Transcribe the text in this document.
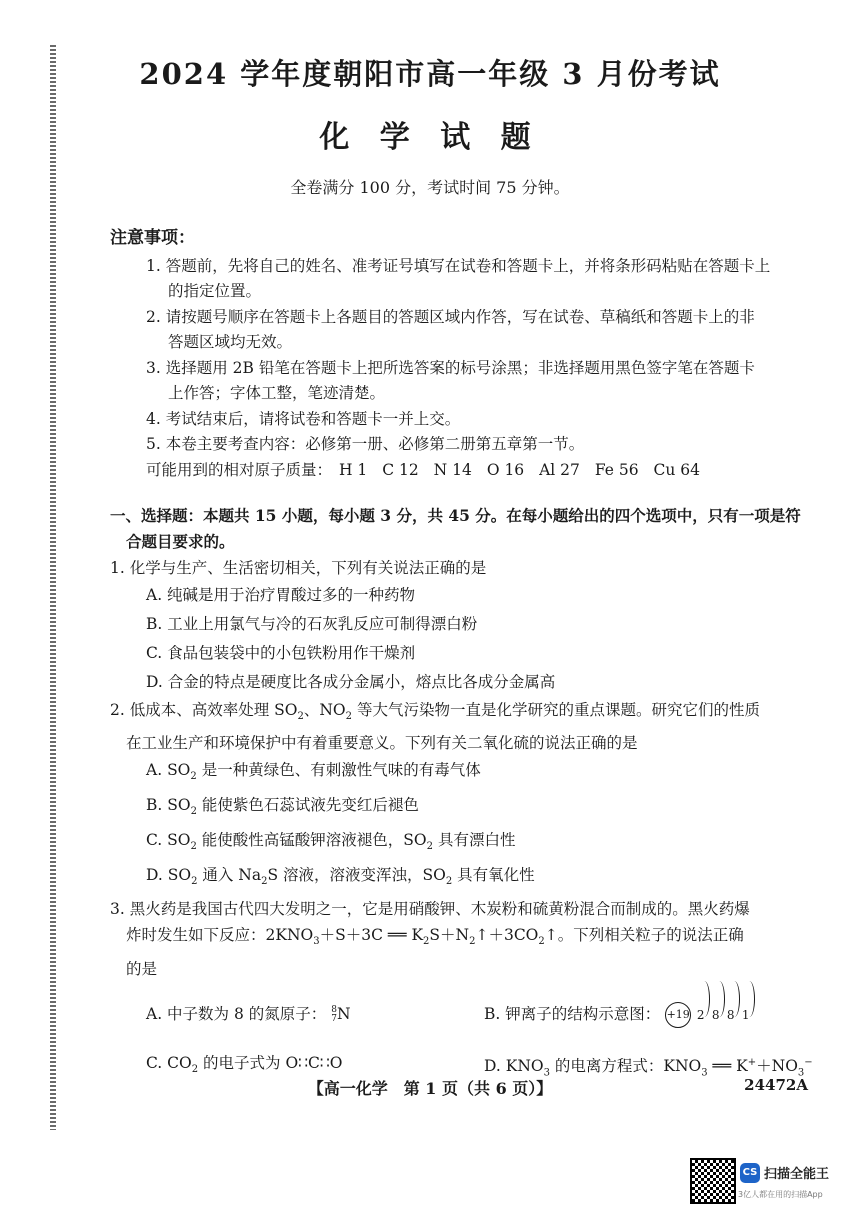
2024 学年度朝阳市高一年级 3 月份考试
化 学 试 题
全卷满分 100 分，考试时间 75 分钟。
注意事项：
1. 答题前，先将自己的姓名、准考证号填写在试卷和答题卡上，并将条形码粘贴在答题卡上
的指定位置。
2. 请按题号顺序在答题卡上各题目的答题区域内作答，写在试卷、草稿纸和答题卡上的非
答题区域均无效。
3. 选择题用 2B 铅笔在答题卡上把所选答案的标号涂黑；非选择题用黑色签字笔在答题卡
上作答；字体工整，笔迹清楚。
4. 考试结束后，请将试卷和答题卡一并上交。
5. 本卷主要考查内容：必修第一册、必修第二册第五章第一节。
可能用到的相对原子质量： H 1 C 12 N 14 O 16 Al 27 Fe 56 Cu 64
一、选择题：本题共 15 小题，每小题 3 分，共 45 分。在每小题给出的四个选项中，只有一项是符
合题目要求的。
1. 化学与生产、生活密切相关，下列有关说法正确的是
A. 纯碱是用于治疗胃酸过多的一种药物
B. 工业上用氯气与冷的石灰乳反应可制得漂白粉
C. 食品包装袋中的小包铁粉用作干燥剂
D. 合金的特点是硬度比各成分金属小，熔点比各成分金属高
2. 低成本、高效率处理 $SO_2$、$NO_2$ 等大气污染物一直是化学研究的重点课题。研究它们的性质
在工业生产和环境保护中有着重要意义。下列有关二氧化硫的说法正确的是
A. $SO_2$ 是一种黄绿色、有刺激性气味的有毒气体
B. $SO_2$ 能使紫色石蕊试液先变红后褪色
C. $SO_2$ 能使酸性高锰酸钾溶液褪色，$SO_2$ 具有漂白性
D. $SO_2$ 通入 $Na_2S$ 溶液，溶液变浑浊，$SO_2$ 具有氧化性
3. 黑火药是我国古代四大发明之一，它是用硝酸钾、木炭粉和硫黄粉混合而制成的。黑火药爆
炸时发生如下反应：$2KNO_3+S+3C$ ══ $K_2S+N_2↑+3CO_2↑$。下列相关粒子的说法正确
的是
A. 中子数为 8 的氮原子： 8
7 N	B. 钾离子的结构示意图： +19 2 8 8 1
C. $CO_2$ 的电子式为 O∷C∷O	D. $KNO_3$ 的电离方程式：$KNO_3$ ══ $K^++NO_3^-$
【高一化学　第 1 页（共 6 页）】	24472A
CS 扫描全能王
3亿人都在用的扫描App
